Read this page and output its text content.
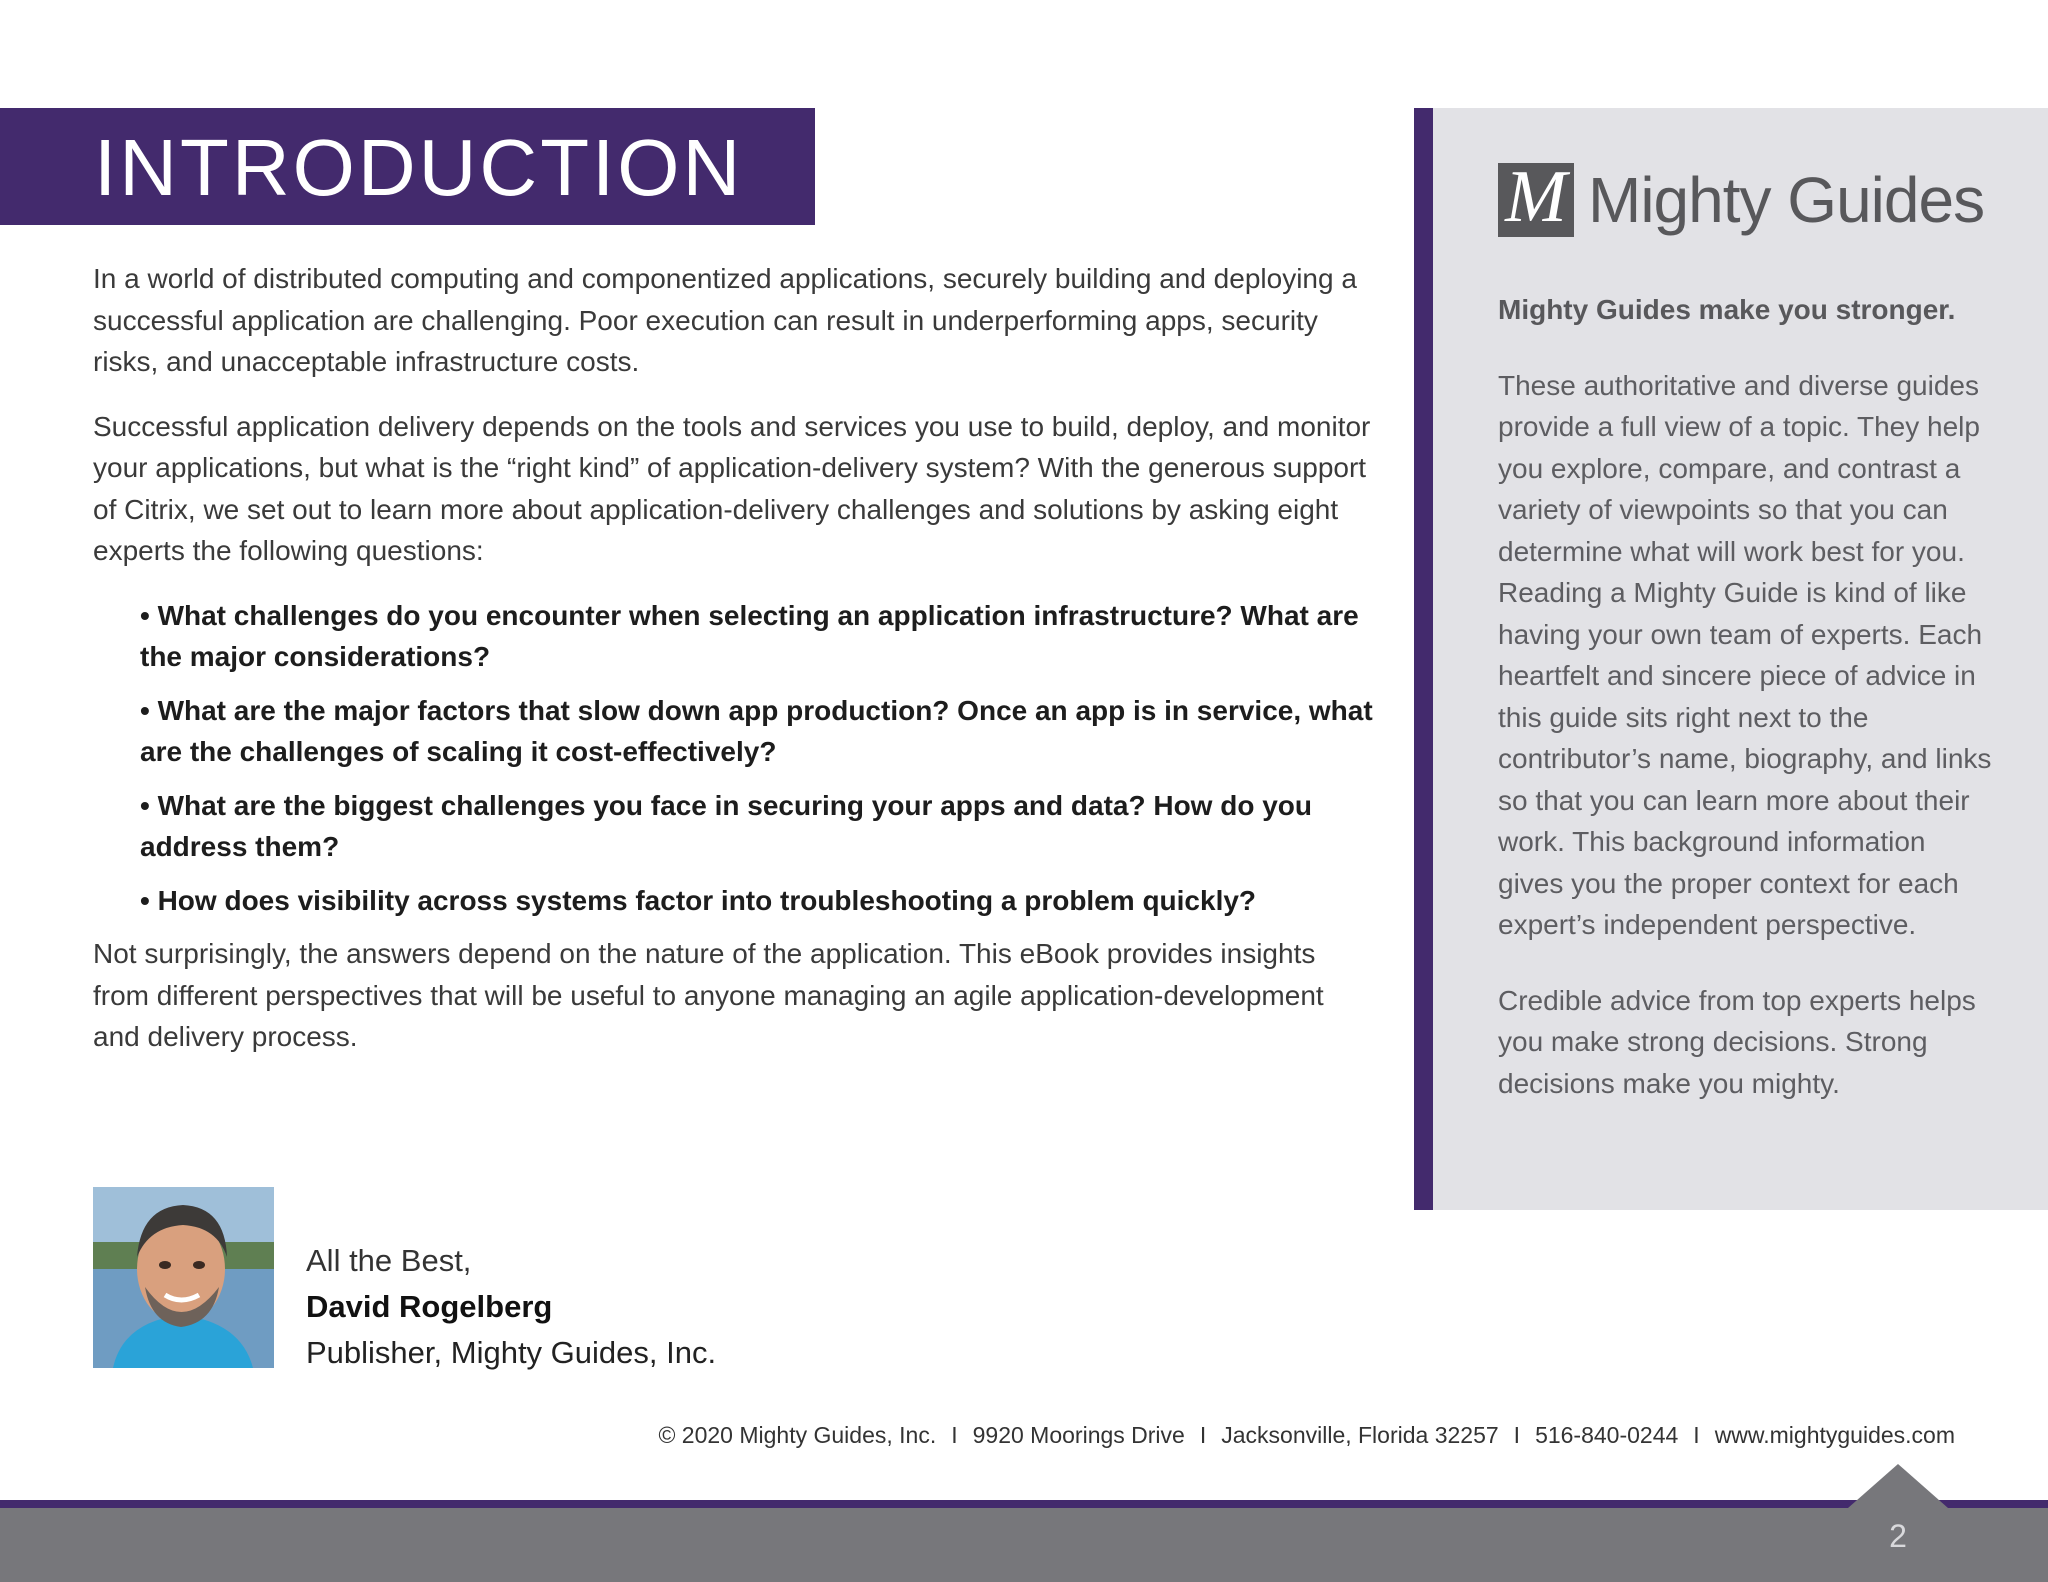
INTRODUCTION

In a world of distributed computing and componentized applications, securely building and deploying a successful application are challenging. Poor execution can result in underperforming apps, security risks, and unacceptable infrastructure costs.

Successful application delivery depends on the tools and services you use to build, deploy, and monitor your applications, but what is the “right kind” of application-delivery system? With the generous support of Citrix, we set out to learn more about application-delivery challenges and solutions by asking eight experts the following questions:

• What challenges do you encounter when selecting an application infrastructure? What are the major considerations?
• What are the major factors that slow down app production? Once an app is in service, what are the challenges of scaling it cost-effectively?
• What are the biggest challenges you face in securing your apps and data? How do you address them?
• How does visibility across systems factor into troubleshooting a problem quickly?

Not surprisingly, the answers depend on the nature of the application. This eBook provides insights from different perspectives that will be useful to anyone managing an agile application-development and delivery process.

All the Best,
David Rogelberg
Publisher, Mighty Guides, Inc.
© 2020 Mighty Guides, Inc. I 9920 Moorings Drive I Jacksonville, Florida 32257 I 516-840-0244 I www.mightyguides.com
2
M Mighty Guides

Mighty Guides make you stronger.

These authoritative and diverse guides provide a full view of a topic. They help you explore, compare, and contrast a variety of viewpoints so that you can determine what will work best for you. Reading a Mighty Guide is kind of like having your own team of experts. Each heartfelt and sincere piece of advice in this guide sits right next to the contributor’s name, biography, and links so that you can learn more about their work. This background information gives you the proper context for each expert’s independent perspective.

Credible advice from top experts helps you make strong decisions. Strong decisions make you mighty.
